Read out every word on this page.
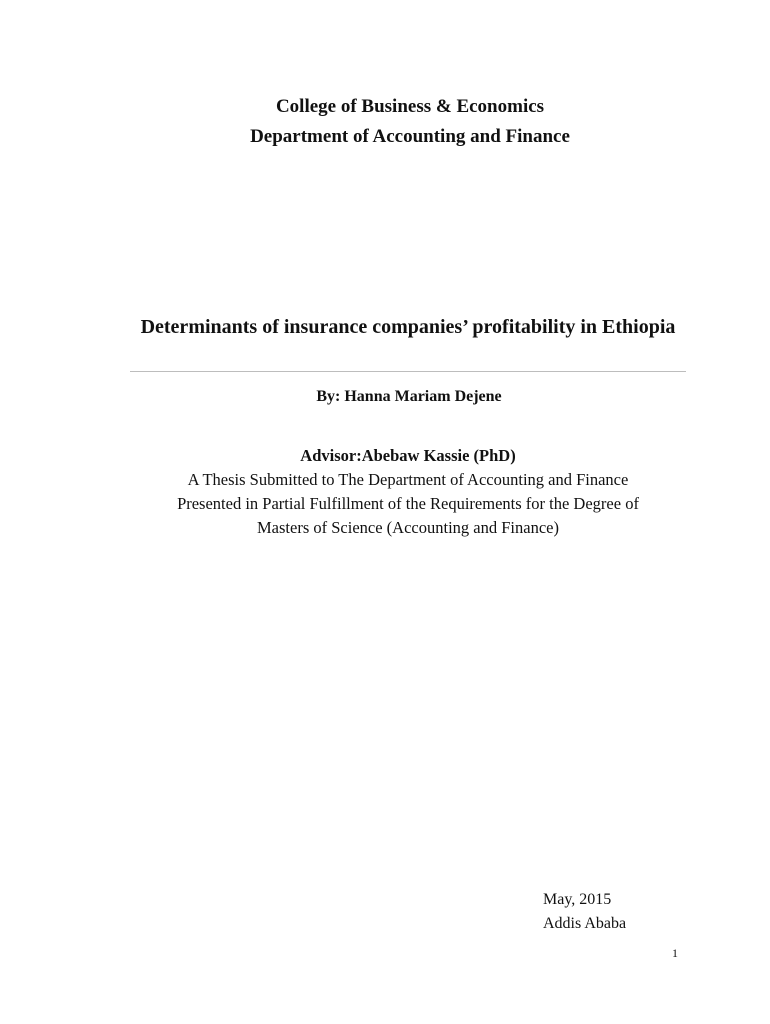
College of Business & Economics
Department of Accounting and Finance
Determinants of insurance companies’ profitability in Ethiopia
By: Hanna Mariam Dejene
Advisor:Abebaw Kassie (PhD)
A Thesis Submitted to The Department of Accounting and Finance
Presented in Partial Fulfillment of the Requirements for the Degree of
Masters of Science (Accounting and Finance)
May, 2015
Addis Ababa
1
